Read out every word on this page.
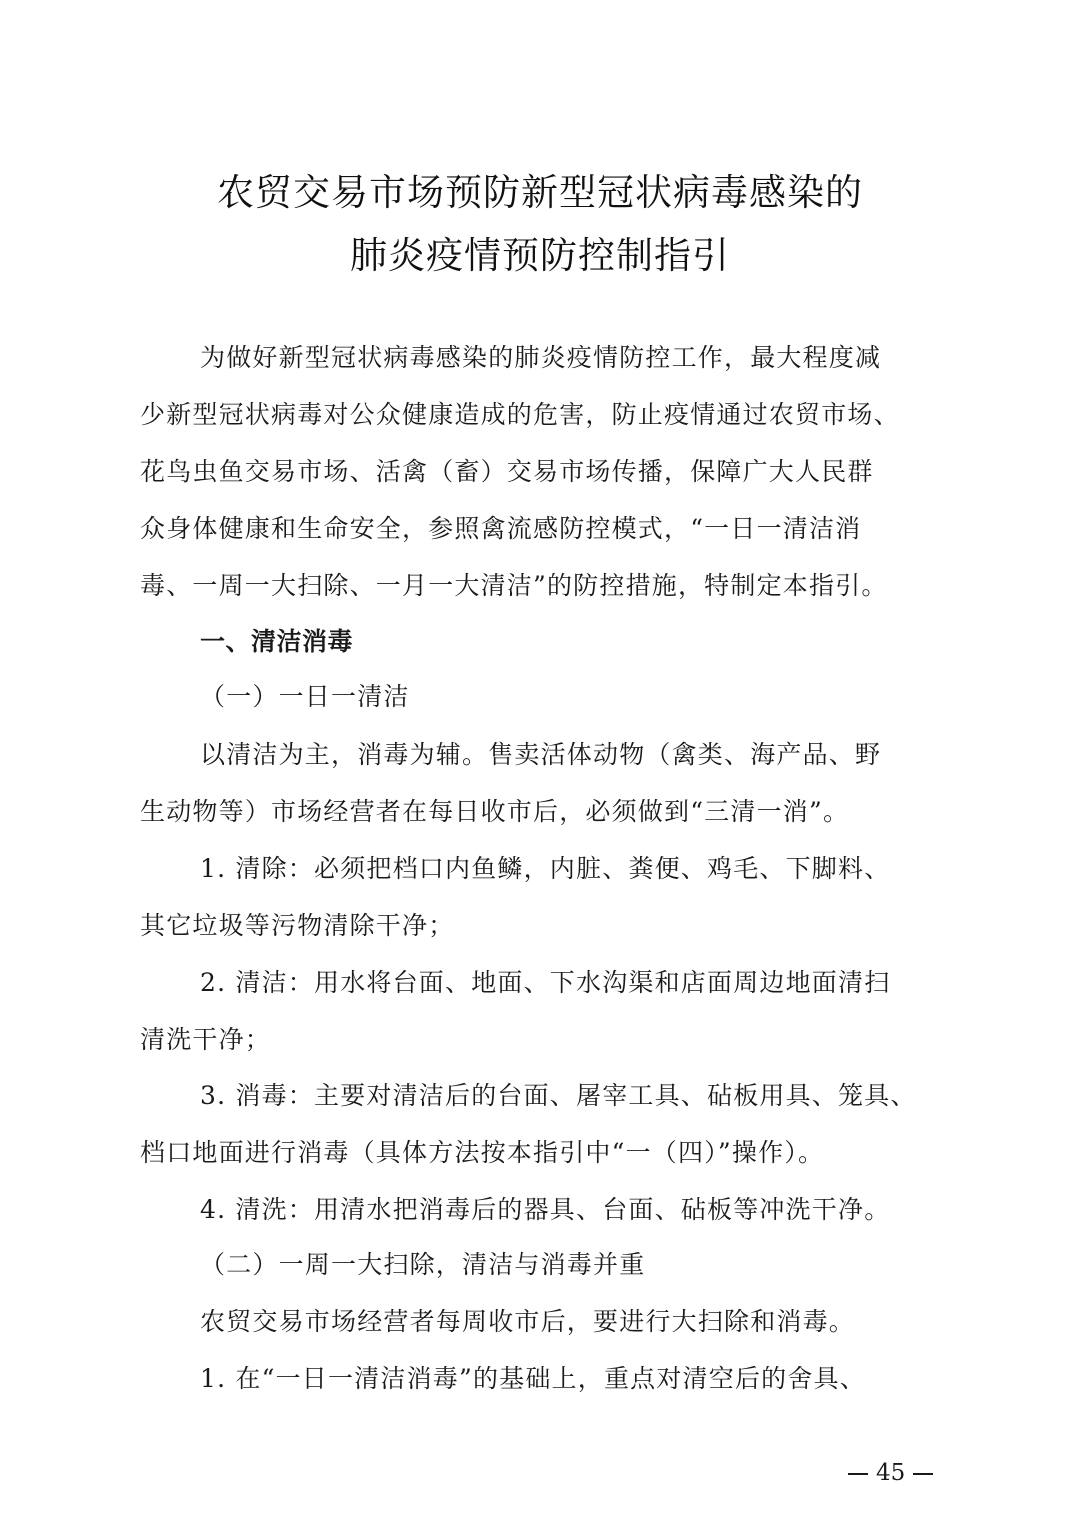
农贸交易市场预防新型冠状病毒感染的
肺炎疫情预防控制指引
为做好新型冠状病毒感染的肺炎疫情防控工作，最大程度减
少新型冠状病毒对公众健康造成的危害，防止疫情通过农贸市场、
花鸟虫鱼交易市场、活禽（畜）交易市场传播，保障广大人民群
众身体健康和生命安全，参照禽流感防控模式，“一日一清洁消
毒、一周一大扫除、一月一大清洁”的防控措施，特制定本指引。
一、清洁消毒
（一）一日一清洁
以清洁为主，消毒为辅。售卖活体动物（禽类、海产品、野
生动物等）市场经营者在每日收市后，必须做到“三清一消”。
1. 清除：必须把档口内鱼鳞，内脏、粪便、鸡毛、下脚料、
其它垃圾等污物清除干净；
2. 清洁：用水将台面、地面、下水沟渠和店面周边地面清扫
清洗干净；
3. 消毒：主要对清洁后的台面、屠宰工具、砧板用具、笼具、
档口地面进行消毒（具体方法按本指引中“一（四）”操作）。
4. 清洗：用清水把消毒后的器具、台面、砧板等冲洗干净。
（二）一周一大扫除，清洁与消毒并重
农贸交易市场经营者每周收市后，要进行大扫除和消毒。
1. 在“一日一清洁消毒”的基础上，重点对清空后的舍具、
45
